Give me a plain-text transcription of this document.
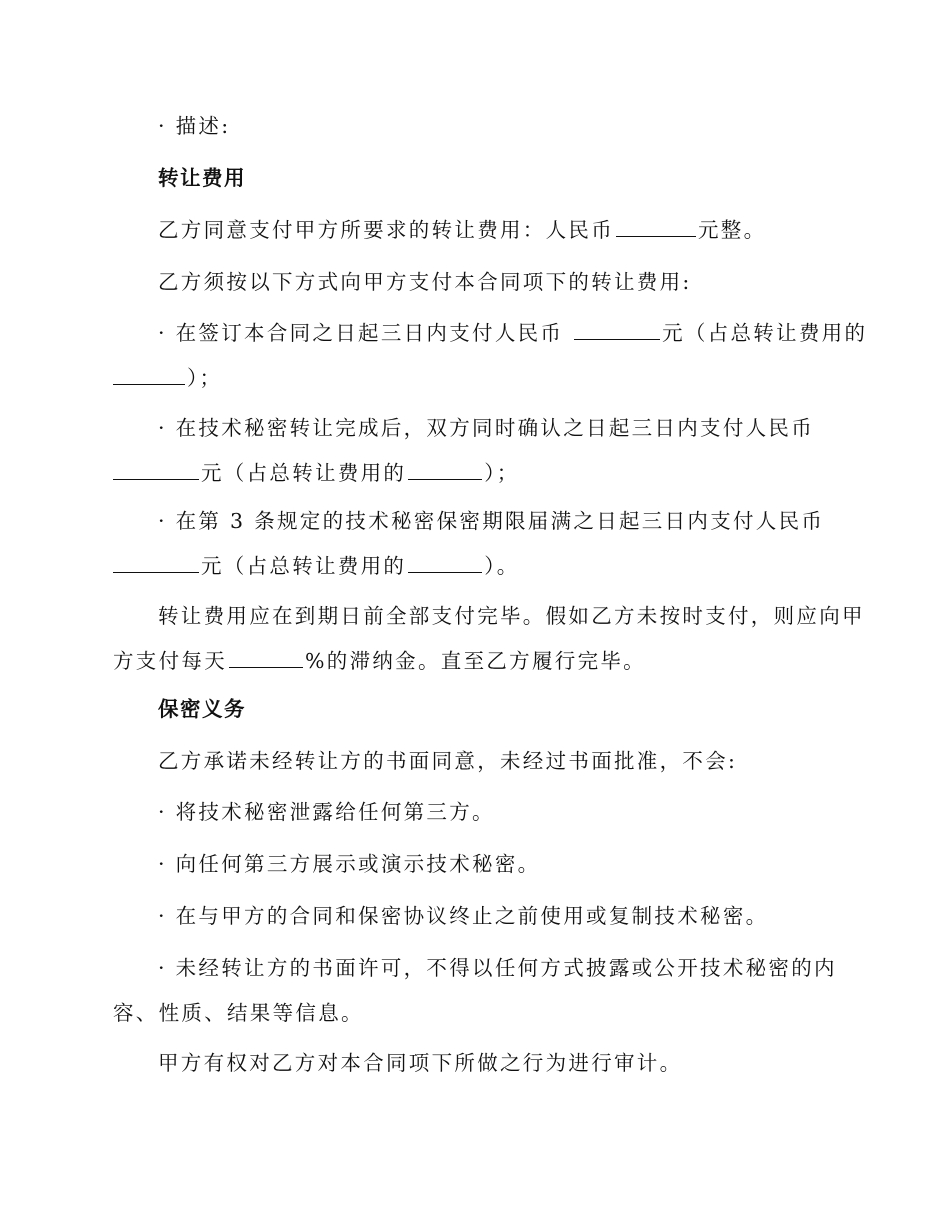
· 描述:

转让费用

乙方同意支付甲方所要求的转让费用：人民币	元整。

乙方须按以下方式向甲方支付本合同项下的转让费用:

· 在签订本合同之日起三日内支付人民币	元（占总转让费用的
）；

· 在技术秘密转让完成后，双方同时确认之日起三日内支付人民币
元（占总转让费用的	）；

· 在第 3 条规定的技术秘密保密期限届满之日起三日内支付人民币
元（占总转让费用的	）。

转让费用应在到期日前全部支付完毕。假如乙方未按时支付，则应向甲
方支付每天	%的滞纳金。直至乙方履行完毕。

保密义务

乙方承诺未经转让方的书面同意，未经过书面批准，不会:

· 将技术秘密泄露给任何第三方。

· 向任何第三方展示或演示技术秘密。

· 在与甲方的合同和保密协议终止之前使用或复制技术秘密。

· 未经转让方的书面许可，不得以任何方式披露或公开技术秘密的内
容、性质、结果等信息。

甲方有权对乙方对本合同项下所做之行为进行审计。
